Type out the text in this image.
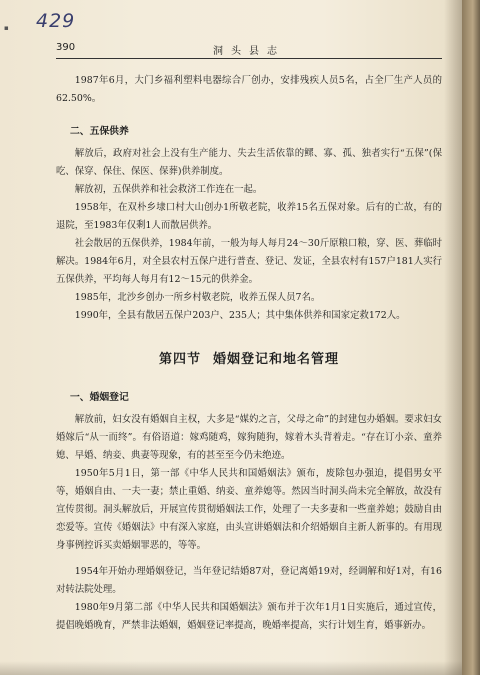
429
▪
390	洞头县志

1987年6月，大门乡福利塑料电器综合厂创办，安排残疾人员5名，占全厂生产人员的62.50%。

二、五保供养

解放后，政府对社会上没有生产能力、失去生活依靠的鳏、寡、孤、独者实行“五保”(保吃、保穿、保住、保医、保葬)供养制度。

解放初，五保供养和社会救济工作连在一起。

1958年，在双朴乡埭口村大山创办1所敬老院，收养15名五保对象。后有的亡故，有的退院，至1983年仅剩1人而散居供养。

社会散居的五保供养，1984年前，一般为每人每月24～30斤原粮口粮，穿、医、葬临时解决。1984年6月，对全县农村五保户进行普查、登记、发证，全县农村有157户181人实行五保供养，平均每人每月有12～15元的供养金。

1985年，北沙乡创办一所乡村敬老院，收养五保人员7名。

1990年，全县有散居五保户203户、235人；其中集体供养和国家定救172人。

第四节 婚姻登记和地名管理
一、婚姻登记

解放前，妇女没有婚姻自主权，大多是“媒妁之言，父母之命”的封建包办婚姻。要求妇女婚嫁后“从一而终”。有俗语道：嫁鸡随鸡，嫁狗随狗，嫁着木头背着走。“存在订小亲、童养媳、早婚、纳妾、典妻等现象，有的甚至至今仍未绝迹。

1950年5月1日，第一部《中华人民共和国婚姻法》颁布，废除包办强迫，提倡男女平等，婚姻自由、一夫一妻；禁止重婚、纳妾、童养媳等。然因当时洞头尚未完全解放，故没有宣传贯彻。洞头解放后，开展宣传贯彻婚姻法工作，处理了一夫多妻和一些童养媳；鼓励自由恋爱等。宣传《婚姻法》中有深入家庭，由头宣讲婚姻法和介绍婚姻自主新人新事的。有用现身事例控诉买卖婚姻罪恶的，等等。

1954年开始办理婚姻登记，当年登记结婚87对，登记离婚19对，经调解和好1对，有16对转法院处理。

1980年9月第二部《中华人民共和国婚姻法》颁布并于次年1月1日实施后，通过宣传，提倡晚婚晚育，严禁非法婚姻，婚姻登记率提高，晚婚率提高，实行计划生育，婚事新办。
